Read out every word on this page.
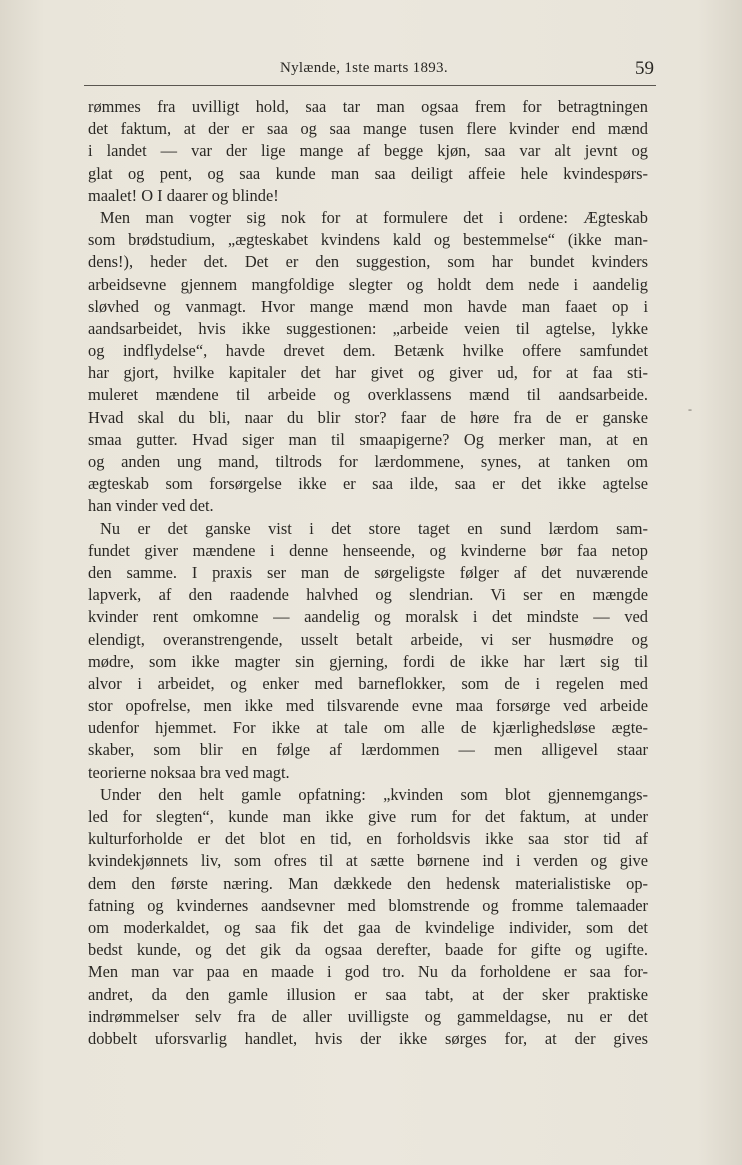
Nylænde, 1ste marts 1893.	59
rømmes fra uvilligt hold, saa tar man ogsaa frem for betragtningen
det faktum, at der er saa og saa mange tusen flere kvinder end mænd
i landet — var der lige mange af begge kjøn, saa var alt jevnt og
glat og pent, og saa kunde man saa deiligt affeie hele kvindespørs-
maalet! O I daarer og blinde!
Men man vogter sig nok for at formulere det i ordene: Ægteskab
som brødstudium, „ægteskabet kvindens kald og bestemmelse“ (ikke man-
dens!), heder det. Det er den suggestion, som har bundet kvinders
arbeidsevne gjennem mangfoldige slegter og holdt dem nede i aandelig
sløvhed og vanmagt. Hvor mange mænd mon havde man faaet op i
aandsarbeidet, hvis ikke suggestionen: „arbeide veien til agtelse, lykke
og indflydelse“, havde drevet dem. Betænk hvilke offere samfundet
har gjort, hvilke kapitaler det har givet og giver ud, for at faa sti-
muleret mændene til arbeide og overklassens mænd til aandsarbeide.
Hvad skal du bli, naar du blir stor? faar de høre fra de er ganske
smaa gutter. Hvad siger man til smaapigerne? Og merker man, at en
og anden ung mand, tiltrods for lærdommene, synes, at tanken om
ægteskab som forsørgelse ikke er saa ilde, saa er det ikke agtelse
han vinder ved det.
Nu er det ganske vist i det store taget en sund lærdom sam-
fundet giver mændene i denne henseende, og kvinderne bør faa netop
den samme. I praxis ser man de sørgeligste følger af det nuværende
lapverk, af den raadende halvhed og slendrian. Vi ser en mængde
kvinder rent omkomne — aandelig og moralsk i det mindste — ved
elendigt, overanstrengende, usselt betalt arbeide, vi ser husmødre og
mødre, som ikke magter sin gjerning, fordi de ikke har lært sig til
alvor i arbeidet, og enker med barneflokker, som de i regelen med
stor opofrelse, men ikke med tilsvarende evne maa forsørge ved arbeide
udenfor hjemmet. For ikke at tale om alle de kjærlighedsløse ægte-
skaber, som blir en følge af lærdommen — men alligevel staar
teorierne noksaa bra ved magt.
Under den helt gamle opfatning: „kvinden som blot gjennemgangs-
led for slegten“, kunde man ikke give rum for det faktum, at under
kulturforholde er det blot en tid, en forholdsvis ikke saa stor tid af
kvindekjønnets liv, som ofres til at sætte børnene ind i verden og give
dem den første næring. Man dækkede den hedensk materialistiske op-
fatning og kvindernes aandsevner med blomstrende og fromme talemaader
om moderkaldet, og saa fik det gaa de kvindelige individer, som det
bedst kunde, og det gik da ogsaa derefter, baade for gifte og ugifte.
Men man var paa en maade i god tro. Nu da forholdene er saa for-
andret, da den gamle illusion er saa tabt, at der sker praktiske
indrømmelser selv fra de aller uvilligste og gammeldagse, nu er det
dobbelt uforsvarlig handlet, hvis der ikke sørges for, at der gives
-
